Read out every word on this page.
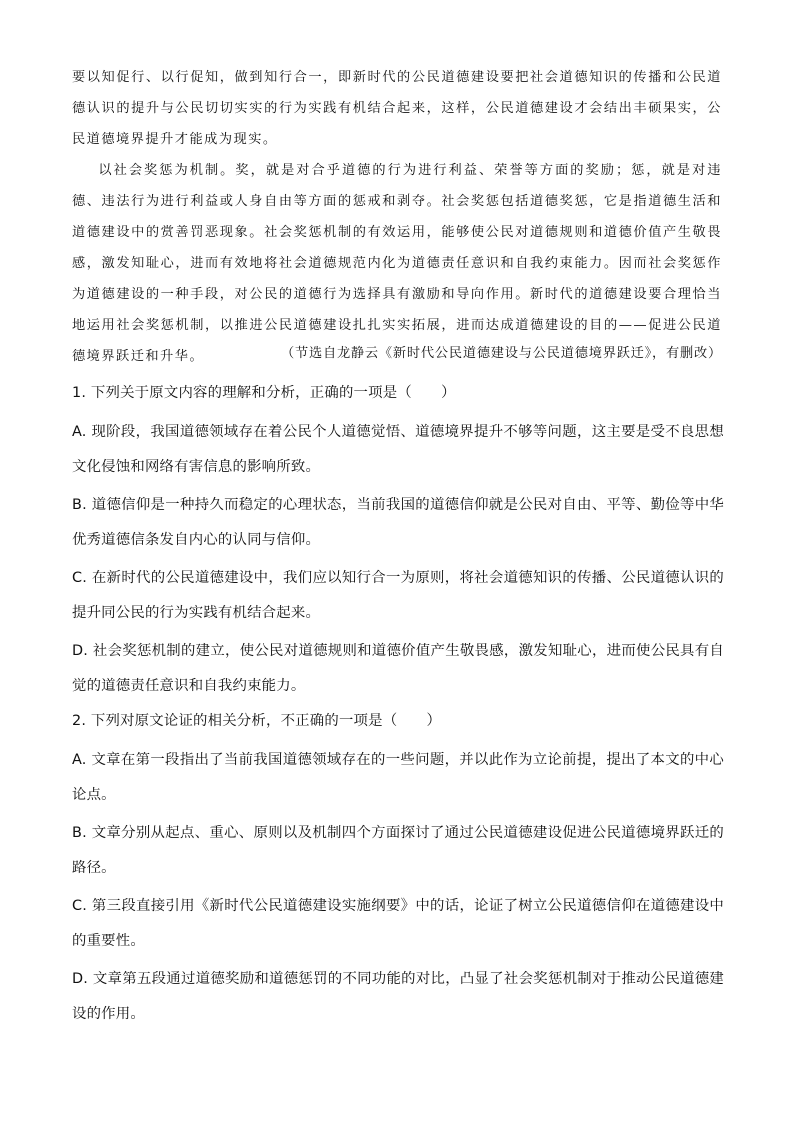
要以知促行、以行促知，做到知行合一，即新时代的公民道德建设要把社会道德知识的传播和公民道德认识的提升与公民切切实实的行为实践有机结合起来，这样，公民道德建设才会结出丰硕果实，公民道德境界提升才能成为现实。

以社会奖惩为机制。奖，就是对合乎道德的行为进行利益、荣誉等方面的奖励；惩，就是对违德、违法行为进行利益或人身自由等方面的惩戒和剥夺。社会奖惩包括道德奖惩，它是指道德生活和道德建设中的赏善罚恶现象。社会奖惩机制的有效运用，能够使公民对道德规则和道德价值产生敬畏感，激发知耻心，进而有效地将社会道德规范内化为道德责任意识和自我约束能力。因而社会奖惩作为道德建设的一种手段，对公民的道德行为选择具有激励和导向作用。新时代的道德建设要合理恰当地运用社会奖惩机制，以推进公民道德建设扎扎实实拓展，进而达成道德建设的目的——促进公民道德境界跃迁和升华。	（节选自龙静云《新时代公民道德建设与公民道德境界跃迁》，有删改）

1. 下列关于原文内容的理解和分析，正确的一项是（　　）

A. 现阶段，我国道德领域存在着公民个人道德觉悟、道德境界提升不够等问题，这主要是受不良思想文化侵蚀和网络有害信息的影响所致。

B. 道德信仰是一种持久而稳定的心理状态，当前我国的道德信仰就是公民对自由、平等、勤俭等中华优秀道德信条发自内心的认同与信仰。

C. 在新时代的公民道德建设中，我们应以知行合一为原则，将社会道德知识的传播、公民道德认识的提升同公民的行为实践有机结合起来。

D. 社会奖惩机制的建立，使公民对道德规则和道德价值产生敬畏感，激发知耻心，进而使公民具有自觉的道德责任意识和自我约束能力。

2. 下列对原文论证的相关分析，不正确的一项是（　　）

A. 文章在第一段指出了当前我国道德领域存在的一些问题，并以此作为立论前提，提出了本文的中心论点。

B. 文章分别从起点、重心、原则以及机制四个方面探讨了通过公民道德建设促进公民道德境界跃迁的路径。

C. 第三段直接引用《新时代公民道德建设实施纲要》中的话，论证了树立公民道德信仰在道德建设中的重要性。

D. 文章第五段通过道德奖励和道德惩罚的不同功能的对比，凸显了社会奖惩机制对于推动公民道德建设的作用。
